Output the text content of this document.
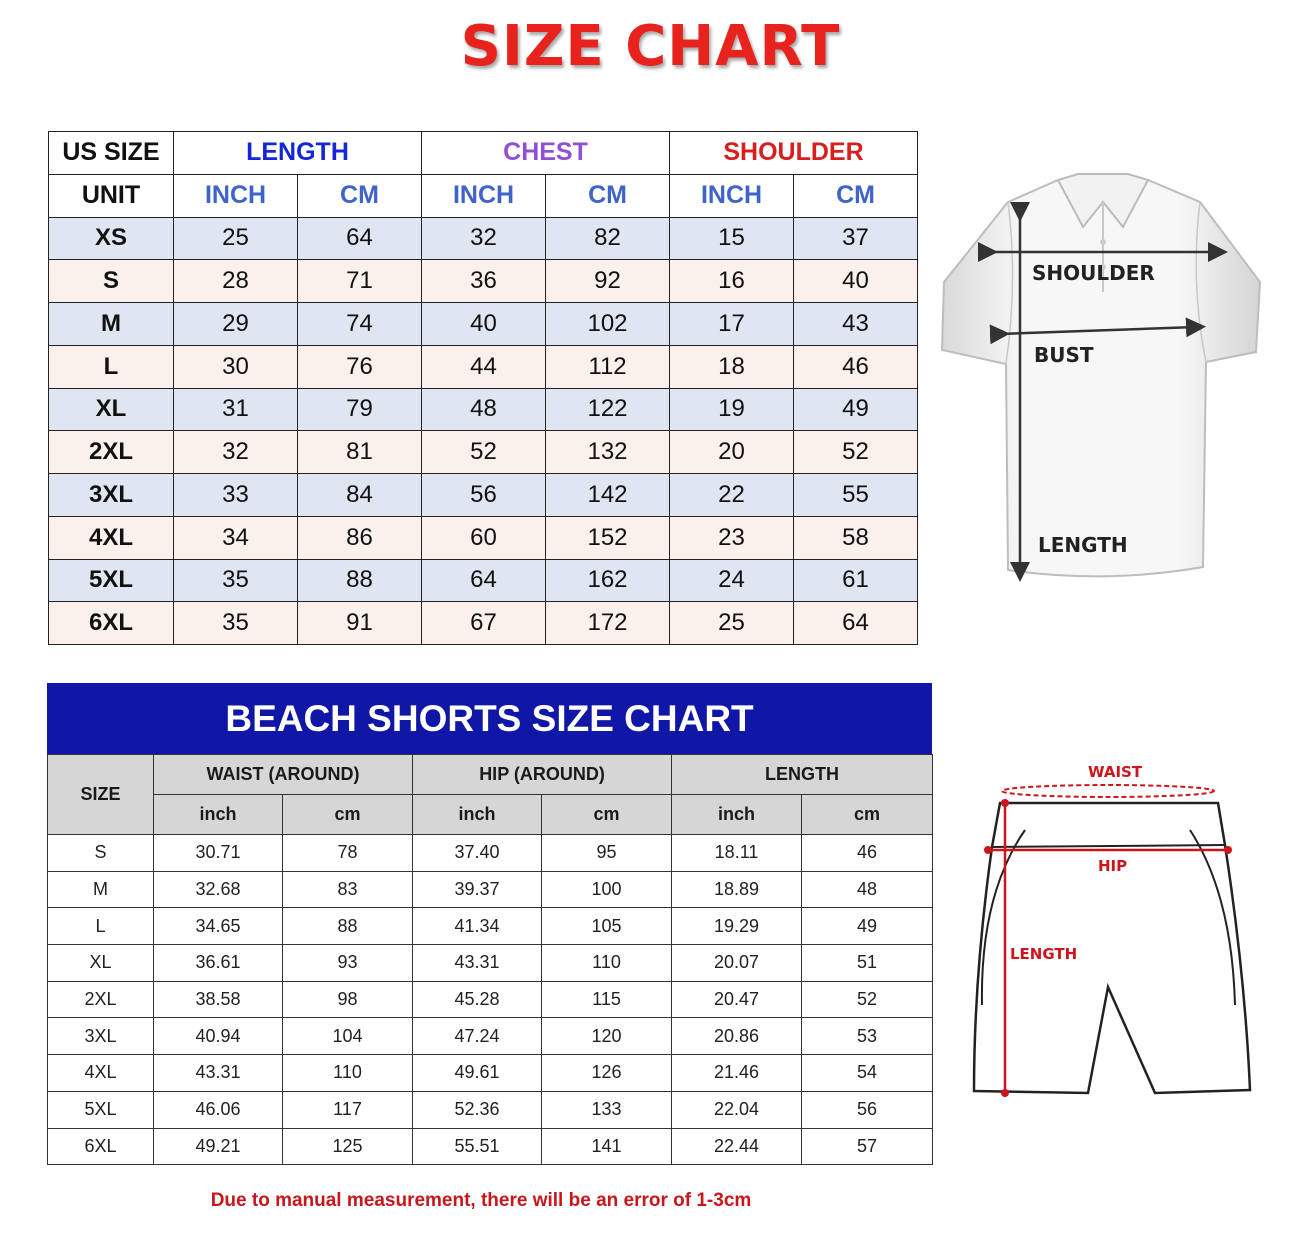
SIZE CHART
US SIZE	LENGTH		CHEST		SHOULDER	
UNIT	INCH	CM	INCH	CM	INCH	CM
XS	25	64	32	82	15	37
S	28	71	36	92	16	40
M	29	74	40	102	17	43
L	30	76	44	112	18	46
XL	31	79	48	122	19	49
2XL	32	81	52	132	20	52
3XL	33	84	56	142	22	55
4XL	34	86	60	152	23	58
5XL	35	88	64	162	24	61
6XL	35	91	67	172	25	64
SHOULDER
BUST
LENGTH
BEACH SHORTS SIZE CHART
SIZE	WAIST (AROUND)		HIP (AROUND)		LENGTH	
	inch	cm	inch	cm	inch	cm
S	30.71	78	37.40	95	18.11	46
M	32.68	83	39.37	100	18.89	48
L	34.65	88	41.34	105	19.29	49
XL	36.61	93	43.31	110	20.07	51
2XL	38.58	98	45.28	115	20.47	52
3XL	40.94	104	47.24	120	20.86	53
4XL	43.31	110	49.61	126	21.46	54
5XL	46.06	117	52.36	133	22.04	56
6XL	49.21	125	55.51	141	22.44	57
WAIST
HIP
LENGTH
Due to manual measurement, there will be an error of 1-3cm
